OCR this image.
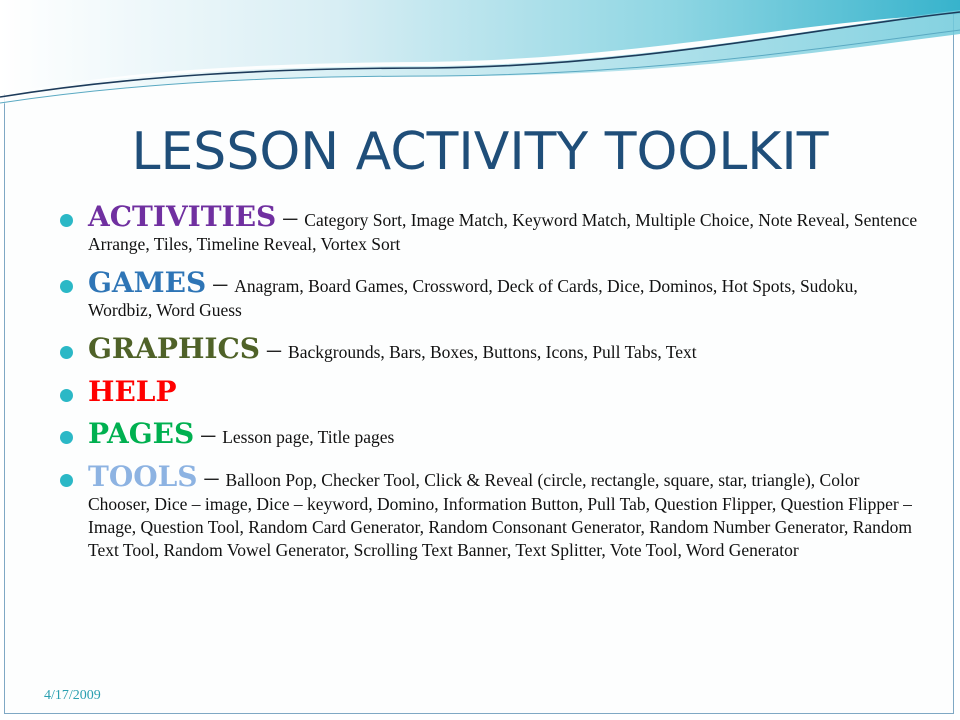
LESSON ACTIVITY TOOLKIT
ACTIVITIES – Category Sort, Image Match, Keyword Match, Multiple Choice, Note Reveal, Sentence Arrange, Tiles, Timeline Reveal, Vortex Sort
GAMES – Anagram, Board Games, Crossword, Deck of Cards, Dice, Dominos, Hot Spots, Sudoku, Wordbiz, Word Guess
GRAPHICS – Backgrounds, Bars, Boxes, Buttons, Icons, Pull Tabs, Text
HELP
PAGES – Lesson page, Title pages
TOOLS – Balloon Pop, Checker Tool, Click & Reveal (circle, rectangle, square, star, triangle), Color Chooser, Dice – image, Dice – keyword, Domino, Information Button, Pull Tab, Question Flipper, Question Flipper – Image, Question Tool, Random Card Generator, Random Consonant Generator, Random Number Generator, Random Text Tool, Random Vowel Generator, Scrolling Text Banner, Text Splitter, Vote Tool, Word Generator
4/17/2009
